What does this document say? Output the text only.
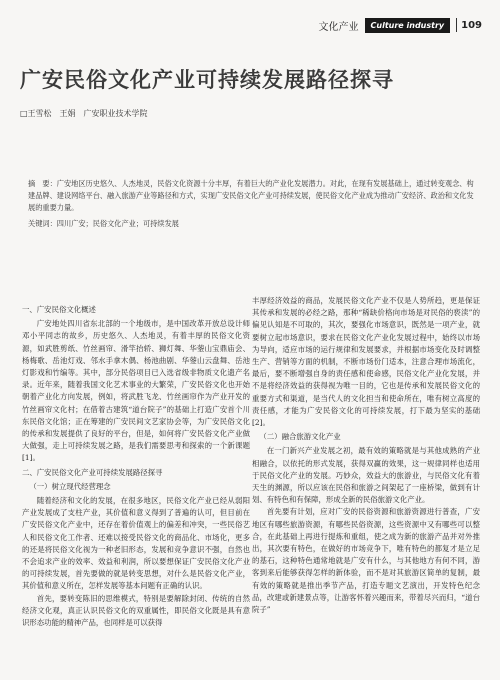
文化产业	Culture industry	109
广安民俗文化产业可持续发展路径探寻
□王雪松　王娟　广安职业技术学院
摘　要：广安地区历史悠久、人杰地灵，民俗文化资源十分丰厚，有着巨大的产业化发展潜力。对此，在现有发展基础上，通过转变观念、构建品牌、建设网络平台、融入旅游产业等路径和方式，实现广安民俗文化产业可持续发展，使民俗文化产业成为推动广安经济、政治和文化发展的重要力量。
关键词：四川广安；民俗文化产业；可持续发展

一、广安民俗文化概述

广安地处四川省东北部的一个地级市，是中国改革开放总设计师邓小平同志的故乡，历史悠久、人杰地灵，有着丰厚的民俗文化资源，如武胜剪纸、竹丝画帘、滑竿抬轿、狮灯舞、华蓥山宝鼎庙会、杨梅歌、岳池灯戏、邻水手拿木偶、杨池曲剧、华蓥山云盘舞、岳池灯影戏和竹编等。其中，部分民俗项目已入选省级非物质文化遗产名录。近年来，随着我国文化艺术事业的大繁荣，广安民俗文化也开始朝着产业化方向发展，例如，将武胜飞龙、竹丝画帘作为产业开发的竹丝画帘文化村；在借着古建筑“道台院子”的基础上打造广安首个川东民俗文化馆；正在筹建的广安民间文艺家协会等，为广安民俗文化的传承和发展提供了良好的平台，但是，如何将广安民俗文化产业做大做强，走上可持续发展之路，是我们需要思考和探索的一个新课题[1]。

二、广安民俗文化产业可持续发展路径探寻

（一）树立现代经营理念

随着经济和文化的发展，在很多地区，民俗文化产业已经从弱阳产业发展成了支柱产业，其价值和意义得到了普遍的认可，但目前在广安民俗文化产业中，还存在着价值观上的偏差和冲突，一些民俗艺人和民俗文化工作者、还难以接受民俗文化的商品化、市场化，更多的还是将民俗文化视为一种老旧形态，发展和竞争意识不强，自然也不会追求产业的效率、效益和利润，所以要想保证广安民俗文化产业的可持续发展，首先要做的就是转变思想，对什么是民俗文化产业，其价值和意义所在，怎样发展等基本问题有正确的认识。

首先，要转变陈旧的思维模式，特别是要解除封闭、传统的自然经济文化观，真正认识民俗文化的双重属性，即民俗文化既是具有意识形态功能的精神产品，也同样是可以获得

丰厚经济效益的商品，发展民俗文化产业不仅是人势所趋，更是保证其传承和发展的必经之路，那种“稀缺价格向市场是对民俗的亵渎”的偏见认知是不可取的，其次，要强化市场意识，既然是一项产业，就要树立起市场意识，要求在民俗文化产业化发展过程中，始终以市场为导向，适应市场的运行规律和发展要求，并根据市场变化及时调整生产、营销等方面的机制，不断市场份门适本，注意合理市场流化，最后，要不断增强自身的责任感和使命感，民俗文化产业化发展，并不是将经济效益的获得视为唯一目的，它也是传承和发展民俗文化的重要方式和渠道，是当代人的文化担当和使命所在，唯有树立高度的责任感，才能为广安民俗文化的可持续发展，打下最为坚实的基础[2]。

（二）融合旅游文化产业

在一门新兴产业发展之初，最有效的策略就是与其他成熟的产业相融合，以依托的形式发展，获得双赢的效果，这一规律同样也适用于民俗文化产业的发展。巧妙众，效益大的旅游业，与民俗文化有着天生的渊源，所以应该在民俗和旅游之间架起了一座桥梁，做到有计划、有特色和有保障，形成全新的民俗旅游文化产业。

首先要有计划，应对广安的民俗资源和旅游资源进行普查，广安地区有哪些旅游资源，有哪些民俗资源，这些资源中又有哪些可以整合，在此基础上再进行提炼和重组，使之成为新的旅游产品并对外推出，其次要有特色，在做好的市场竞争下，唯有特色的都复才是立足的基石，这种特色通常地就是广安有什么，与其他地方有何不同，游客到来后能够获得怎样的新体验，而不是对其旅游区简单的复制，最有效的策略就是推出季节产品，打造专题文艺演出，开发特色纪念品，改建或新建景点等，让游客怀着兴趣而来，带着尽兴而归，“道台院子”
